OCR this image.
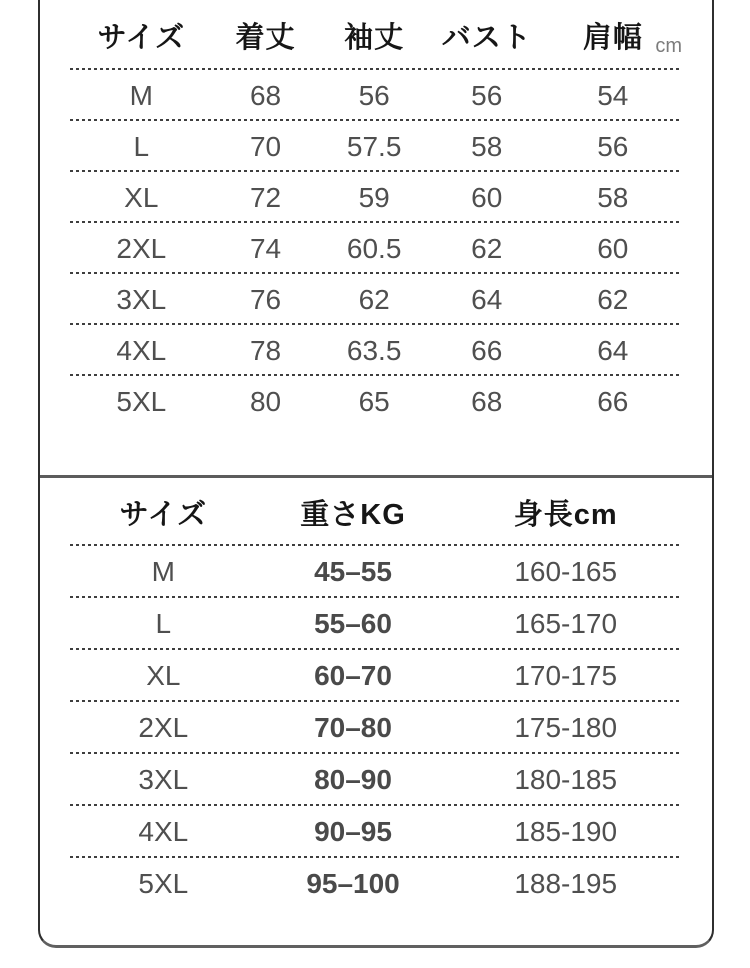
サイズ	着丈	袖丈	バスト	肩幅 cm
M	68	56	56	54
L	70	57.5	58	56
XL	72	59	60	58
2XL	74	60.5	62	60
3XL	76	62	64	62
4XL	78	63.5	66	64
5XL	80	65	68	66
サイズ	重さKG	身長cm
M	45–55	160-165
L	55–60	165-170
XL	60–70	170-175
2XL	70–80	175-180
3XL	80–90	180-185
4XL	90–95	185-190
5XL	95–100	188-195
